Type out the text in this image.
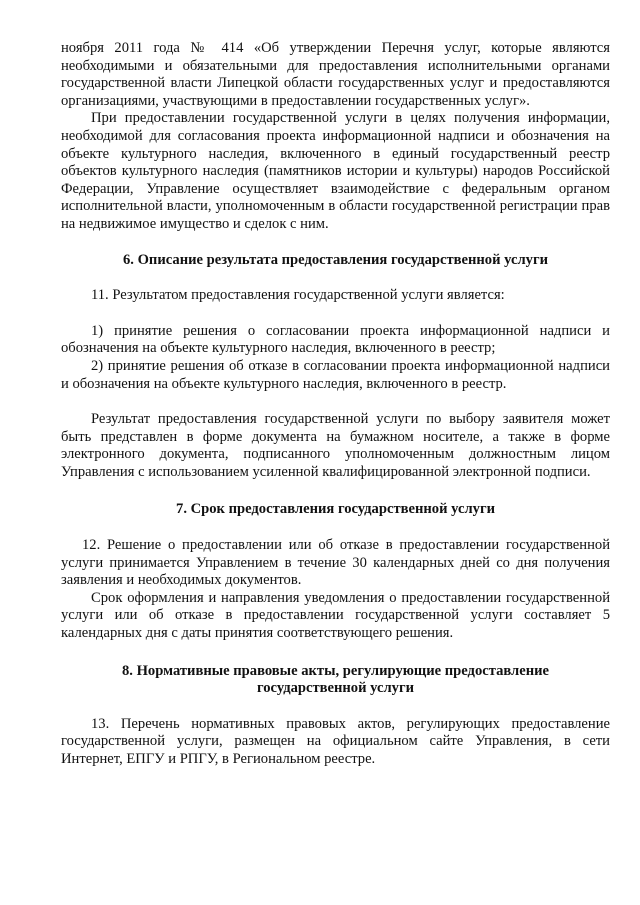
ноября 2011 года № 414 «Об утверждении Перечня услуг, которые являются необходимыми и обязательными для предоставления исполнительными органами государственной власти Липецкой области государственных услуг и предоставляются организациями, участвующими в предоставлении государственных услуг».

При предоставлении государственной услуги в целях получения информации, необходимой для согласования проекта информационной надписи и обозначения на объекте культурного наследия, включенного в единый государственный реестр объектов культурного наследия (памятников истории и культуры) народов Российской Федерации, Управление осуществляет взаимодействие с федеральным органом исполнительной власти, уполномоченным в области государственной регистрации прав на недвижимое имущество и сделок с ним.

6. Описание результата предоставления государственной услуги

11. Результатом предоставления государственной услуги является:

1) принятие решения о согласовании проекта информационной надписи и обозначения на объекте культурного наследия, включенного в реестр;

2) принятие решения об отказе в согласовании проекта информационной надписи и обозначения на объекте культурного наследия, включенного в реестр.

Результат предоставления государственной услуги по выбору заявителя может быть представлен в форме документа на бумажном носителе, а также в форме электронного документа, подписанного уполномоченным должностным лицом Управления с использованием усиленной квалифицированной электронной подписи.

7. Срок предоставления государственной услуги

12. Решение о предоставлении или об отказе в предоставлении государственной услуги принимается Управлением в течение 30 календарных дней со дня получения заявления и необходимых документов.

Срок оформления и направления уведомления о предоставлении государственной услуги или об отказе в предоставлении государственной услуги составляет 5 календарных дня с даты принятия соответствующего решения.

8. Нормативные правовые акты, регулирующие предоставление государственной услуги

13. Перечень нормативных правовых актов, регулирующих предоставление государственной услуги, размещен на официальном сайте Управления, в сети Интернет, ЕПГУ и РПГУ, в Региональном реестре.
